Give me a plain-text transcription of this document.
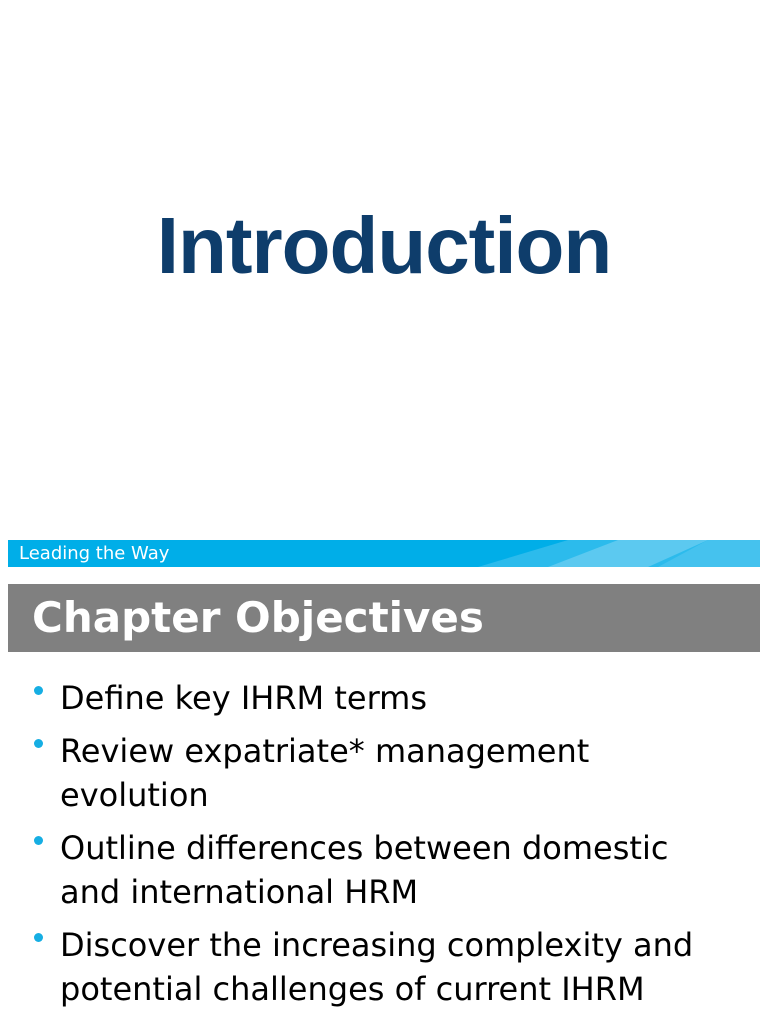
Introduction
Leading the Way
Chapter Objectives
Define key IHRM terms
Review expatriate* management evolution
Outline differences between domestic and international HRM
Discover the increasing complexity and potential challenges of current IHRM
